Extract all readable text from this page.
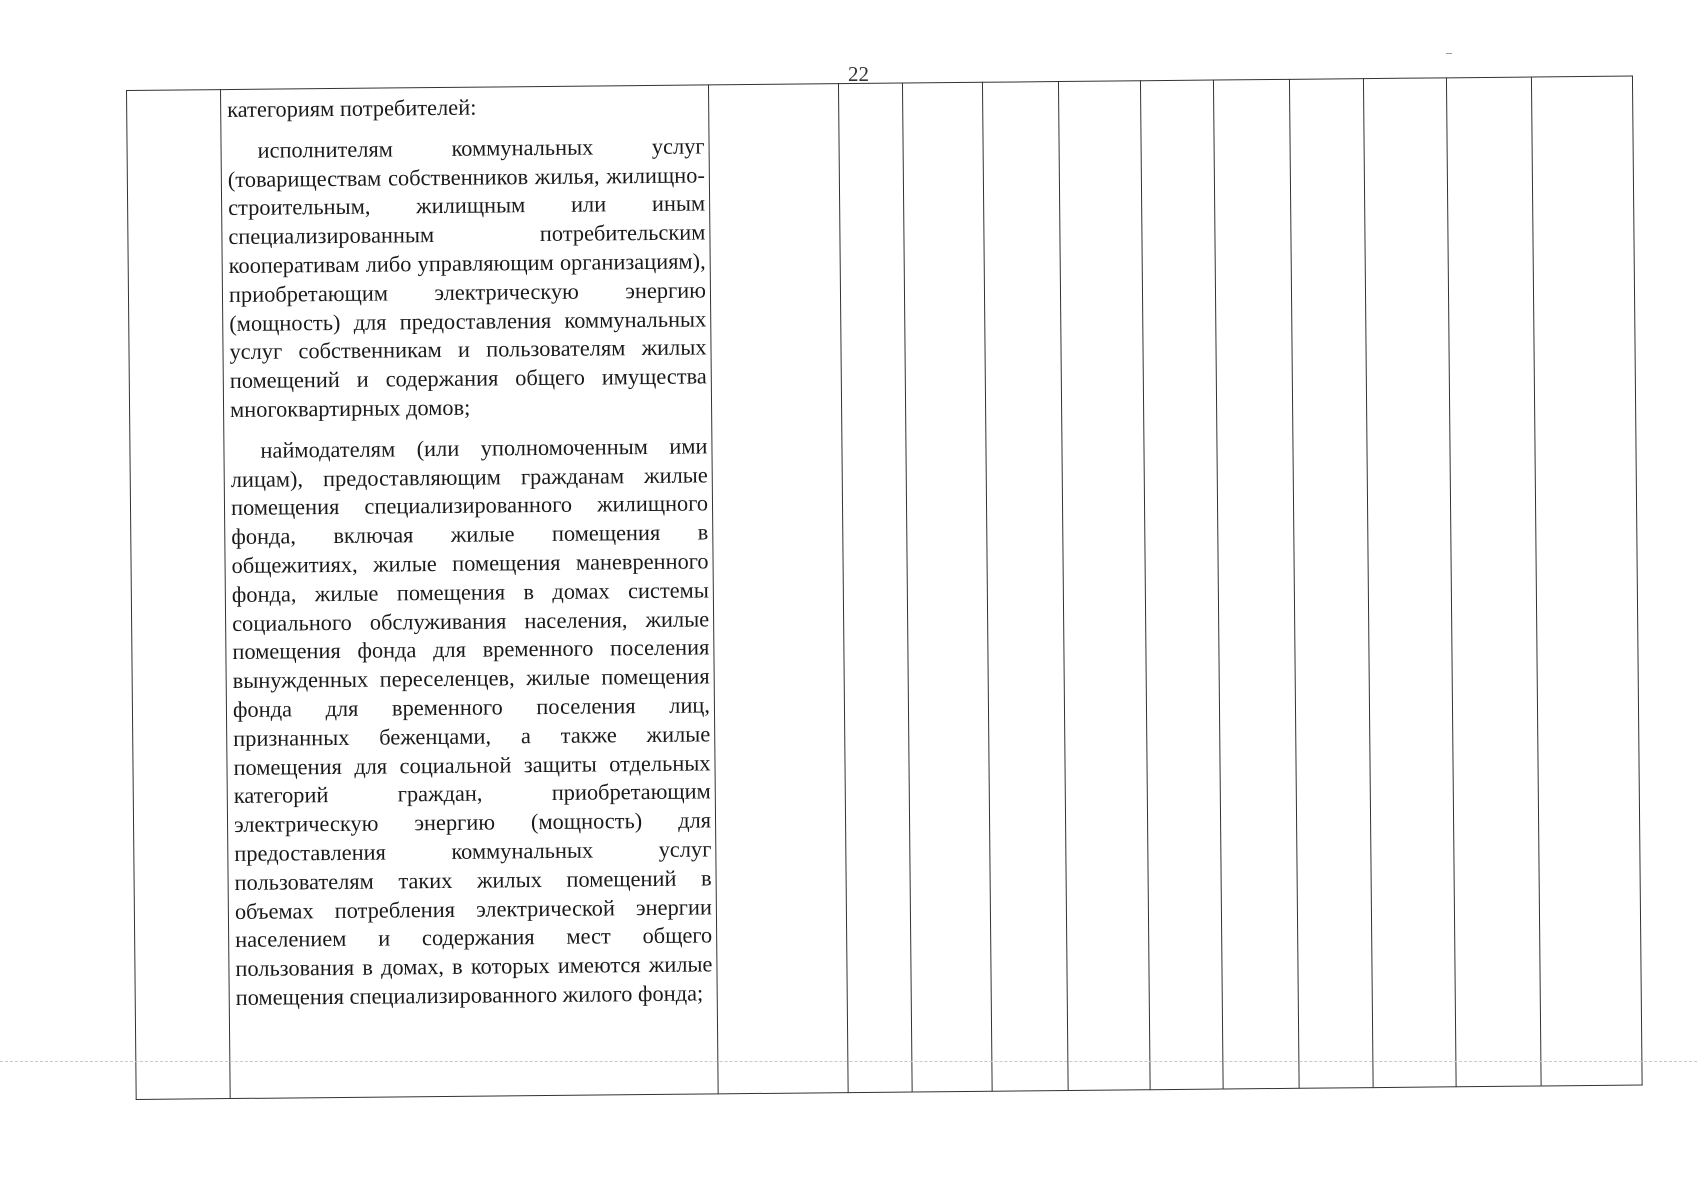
22

категориям потребителей:

исполнителям коммунальных услуг (товариществам собственников жилья, жилищно-строительным, жилищным или иным специализированным потребительским кооперативам либо управляющим организациям), приобретающим электрическую энергию (мощность) для предоставления коммунальных услуг собственникам и пользователям жилых помещений и содержания общего имущества многоквартирных домов;

наймодателям (или уполномоченным ими лицам), предоставляющим гражданам жилые помещения специализированного жилищного фонда, включая жилые помещения в общежитиях, жилые помещения маневренного фонда, жилые помещения в домах системы социального обслуживания населения, жилые помещения фонда для временного поселения вынужденных переселенцев, жилые помещения фонда для временного поселения лиц, признанных беженцами, а также жилые помещения для социальной защиты отдельных категорий граждан, приобретающим электрическую энергию (мощность) для предоставления коммунальных услуг пользователям таких жилых помещений в объемах потребления электрической энергии населением и содержания мест общего пользования в домах, в которых имеются жилые помещения специализированного жилого фонда;
